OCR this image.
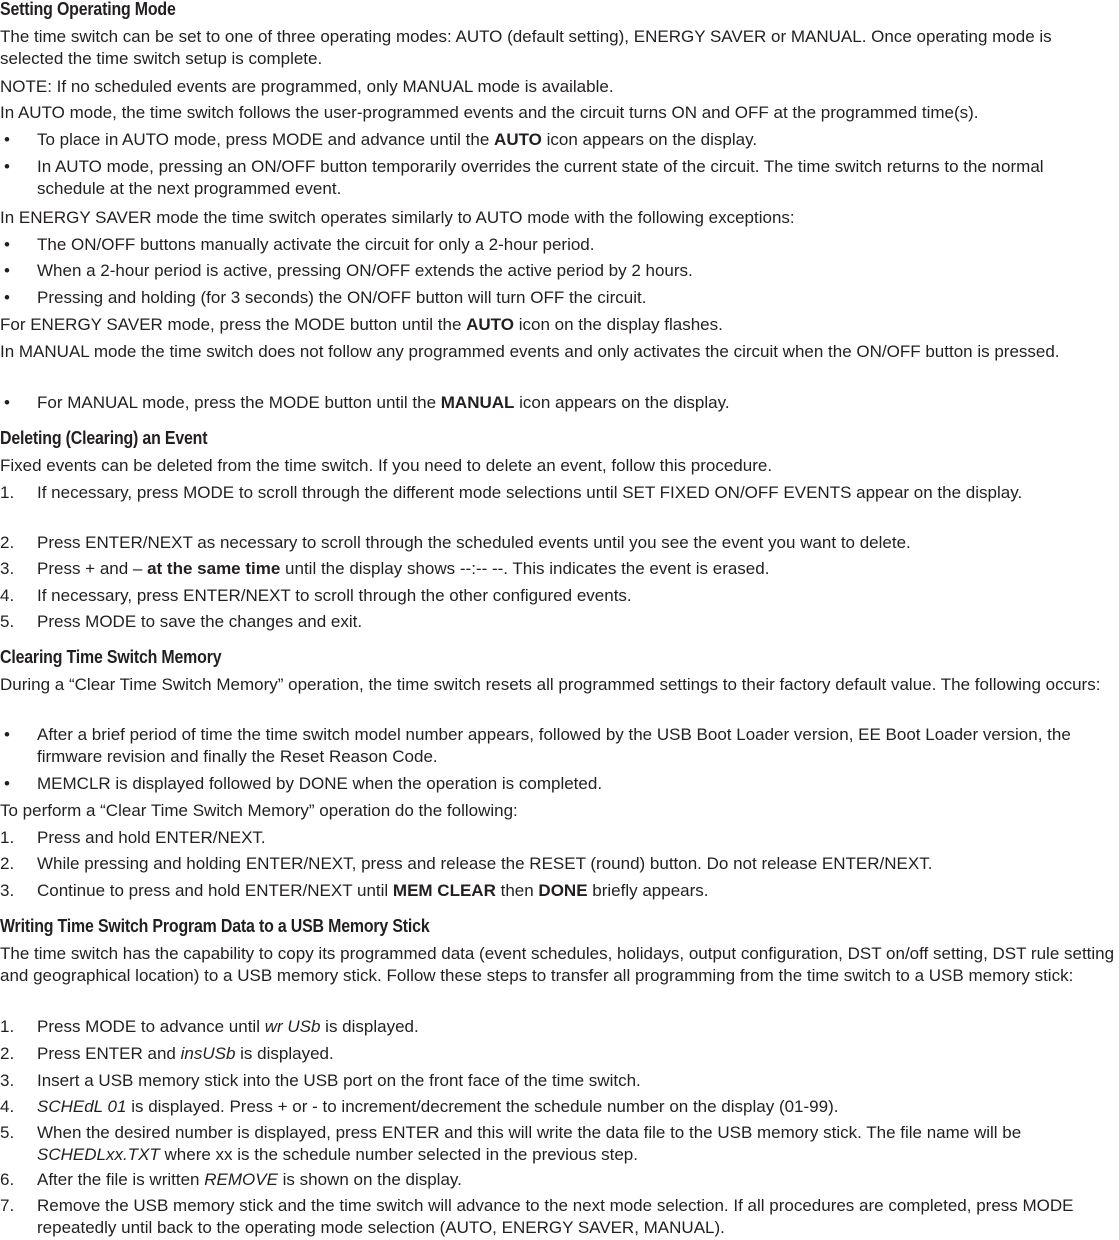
Setting Operating Mode

The time switch can be set to one of three operating modes: AUTO (default setting), ENERGY SAVER or MANUAL. Once operating mode is selected the time switch setup is complete.

NOTE: If no scheduled events are programmed, only MANUAL mode is available.

In AUTO mode, the time switch follows the user-programmed events and the circuit turns ON and OFF at the programmed time(s).

•	To place in AUTO mode, press MODE and advance until the AUTO icon appears on the display.
•	In AUTO mode, pressing an ON/OFF button temporarily overrides the current state of the circuit. The time switch returns to the normal schedule at the next programmed event.

In ENERGY SAVER mode the time switch operates similarly to AUTO mode with the following exceptions:

•	The ON/OFF buttons manually activate the circuit for only a 2-hour period.
•	When a 2-hour period is active, pressing ON/OFF extends the active period by 2 hours.
•	Pressing and holding (for 3 seconds) the ON/OFF button will turn OFF the circuit.

For ENERGY SAVER mode, press the MODE button until the AUTO icon on the display flashes.

In MANUAL mode the time switch does not follow any programmed events and only activates the circuit when the ON/OFF button is pressed.

•	For MANUAL mode, press the MODE button until the MANUAL icon appears on the display.
Deleting (Clearing) an Event

Fixed events can be deleted from the time switch. If you need to delete an event, follow this procedure.

1.	If necessary, press MODE to scroll through the different mode selections until SET FIXED ON/OFF EVENTS appear on the display.
2.	Press ENTER/NEXT as necessary to scroll through the scheduled events until you see the event you want to delete.
3.	Press + and – at the same time until the display shows --:-- --. This indicates the event is erased.
4.	If necessary, press ENTER/NEXT to scroll through the other configured events.
5.	Press MODE to save the changes and exit.
Clearing Time Switch Memory

During a “Clear Time Switch Memory” operation, the time switch resets all programmed settings to their factory default value. The following occurs:

•	After a brief period of time the time switch model number appears, followed by the USB Boot Loader version, EE Boot Loader version, the firmware revision and finally the Reset Reason Code.
•	MEMCLR is displayed followed by DONE when the operation is completed.

To perform a “Clear Time Switch Memory” operation do the following:

1.	Press and hold ENTER/NEXT.
2.	While pressing and holding ENTER/NEXT, press and release the RESET (round) button. Do not release ENTER/NEXT.
3.	Continue to press and hold ENTER/NEXT until MEM CLEAR then DONE briefly appears.
Writing Time Switch Program Data to a USB Memory Stick

The time switch has the capability to copy its programmed data (event schedules, holidays, output configuration, DST on/off setting, DST rule setting and geographical location) to a USB memory stick. Follow these steps to transfer all programming from the time switch to a USB memory stick:

1.	Press MODE to advance until wr USb is displayed.
2.	Press ENTER and insUSb is displayed.
3.	Insert a USB memory stick into the USB port on the front face of the time switch.
4.	SCHEdL 01 is displayed. Press + or - to increment/decrement the schedule number on the display (01-99).
5.	When the desired number is displayed, press ENTER and this will write the data file to the USB memory stick. The file name will be SCHEDLxx.TXT where xx is the schedule number selected in the previous step.
6.	After the file is written REMOVE is shown on the display.
7.	Remove the USB memory stick and the time switch will advance to the next mode selection. If all procedures are completed, press MODE repeatedly until back to the operating mode selection (AUTO, ENERGY SAVER, MANUAL).
